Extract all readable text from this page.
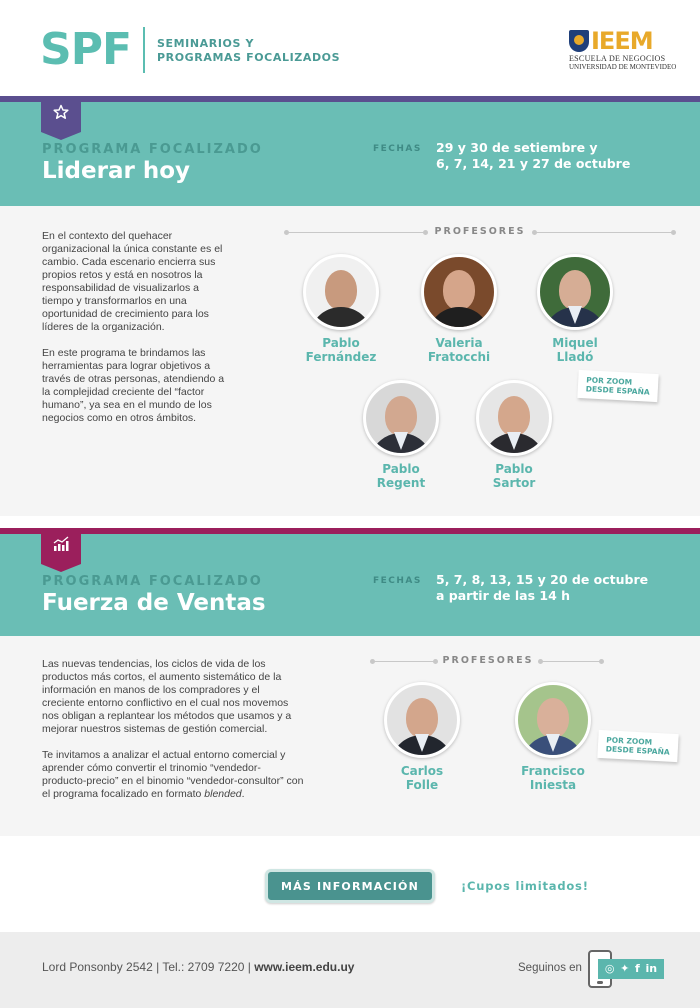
SPF SEMINARIOS Y
PROGRAMAS FOCALIZADOS
IEEM
ESCUELA DE NEGOCIOS
UNIVERSIDAD DE MONTEVIDEO
PROGRAMA FOCALIZADO
Liderar hoy
FECHAS 29 y 30 de setiembre y
6, 7, 14, 21 y 27 de octubre

En el contexto del quehacer organizacional la única constante es el cambio. Cada escenario encierra sus propios retos y está en nosotros la responsabilidad de visualizarlos a tiempo y transformarlos en una oportunidad de crecimiento para los líderes de la organización.

En este programa te brindamos las herramientas para lograr objetivos a través de otras personas, atendiendo a la complejidad creciente del “factor humano”, ya sea en el mundo de los negocios como en otros ámbitos.

PROFESORES
Pablo
Fernández
Valeria
Fratocchi
Miquel
Lladó
POR ZOOM
DESDE ESPAÑA
Pablo
Regent
Pablo
Sartor
PROGRAMA FOCALIZADO
Fuerza de Ventas
FECHAS 5, 7, 8, 13, 15 y 20 de octubre
a partir de las 14 h

Las nuevas tendencias, los ciclos de vida de los productos más cortos, el aumento sistemático de la información en manos de los compradores y el creciente entorno conflictivo en el cual nos movemos nos obligan a replantear los métodos que usamos y a mejorar nuestros sistemas de gestión comercial.

Te invitamos a analizar el actual entorno comercial y aprender cómo convertir el trinomio “vendedor-producto-precio” en el binomio “vendedor-consultor” con el programa focalizado en formato blended.

PROFESORES
Carlos
Folle
Francisco
Iniesta
POR ZOOM
DESDE ESPAÑA
MÁS INFORMACIÓN	¡Cupos limitados!
Lord Ponsonby 2542 | Tel.: 2709 7220 | www.ieem.edu.uy	Seguinos en ◎ ✦ f in
